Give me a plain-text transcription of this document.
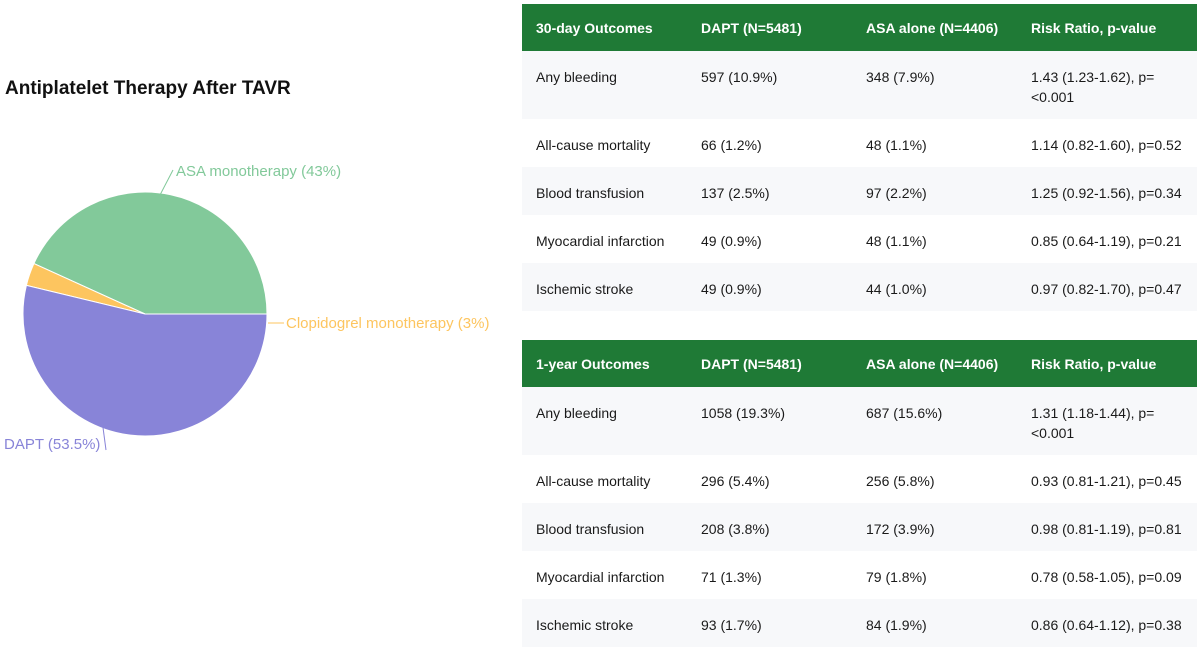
Antiplatelet Therapy After TAVR
ASA monotherapy (43%)
Clopidogrel monotherapy (3%)
DAPT (53.5%)
30-day Outcomes	DAPT (N=5481)	ASA alone (N=4406)	Risk Ratio, p-value
Any bleeding	597 (10.9%)	348 (7.9%)	1.43 (1.23-1.62), p=<0.001
All-cause mortality	66 (1.2%)	48 (1.1%)	1.14 (0.82-1.60), p=0.52
Blood transfusion	137 (2.5%)	97 (2.2%)	1.25 (0.92-1.56), p=0.34
Myocardial infarction	49 (0.9%)	48 (1.1%)	0.85 (0.64-1.19), p=0.21
Ischemic stroke	49 (0.9%)	44 (1.0%)	0.97 (0.82-1.70), p=0.47
1-year Outcomes	DAPT (N=5481)	ASA alone (N=4406)	Risk Ratio, p-value
Any bleeding	1058 (19.3%)	687 (15.6%)	1.31 (1.18-1.44), p=<0.001
All-cause mortality	296 (5.4%)	256 (5.8%)	0.93 (0.81-1.21), p=0.45
Blood transfusion	208 (3.8%)	172 (3.9%)	0.98 (0.81-1.19), p=0.81
Myocardial infarction	71 (1.3%)	79 (1.8%)	0.78 (0.58-1.05), p=0.09
Ischemic stroke	93 (1.7%)	84 (1.9%)	0.86 (0.64-1.12), p=0.38
